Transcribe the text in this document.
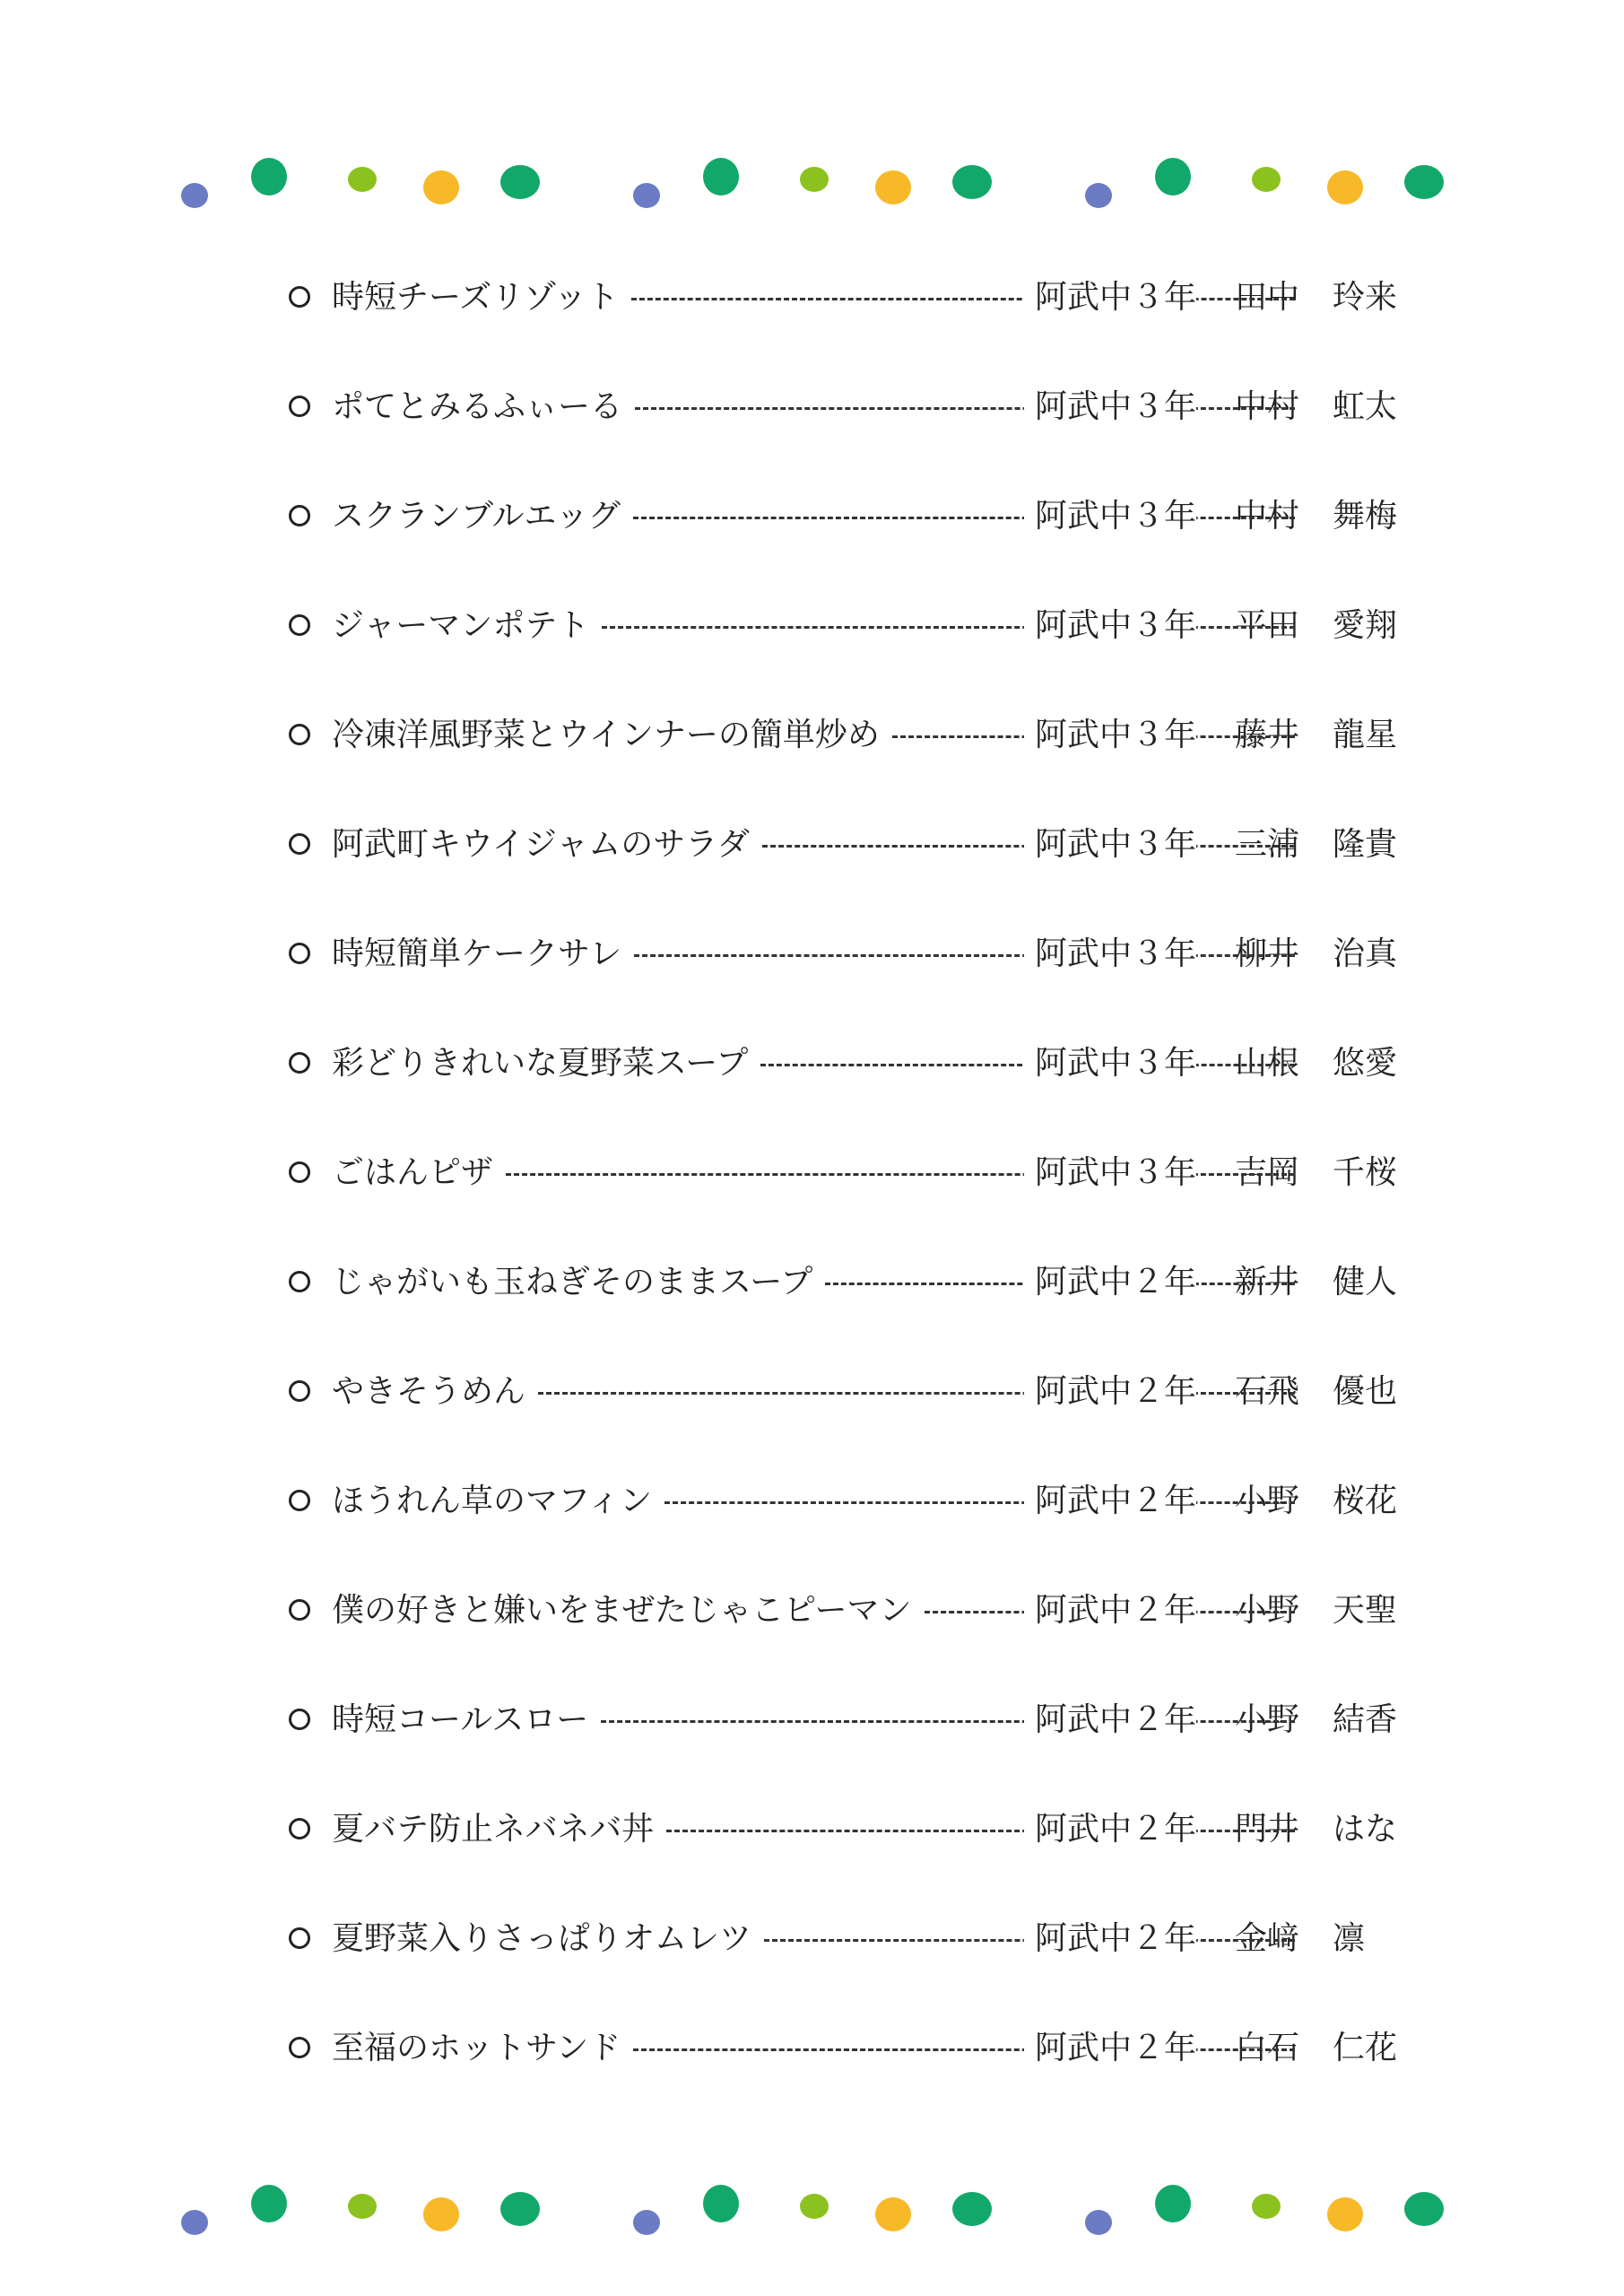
時短チーズリゾット	阿武中３年 田中 玲来
ポてとみるふぃーる	阿武中３年 中村 虹太
スクランブルエッグ	阿武中３年 中村 舞梅
ジャーマンポテト	阿武中３年 平田 愛翔
冷凍洋風野菜とウインナーの簡単炒め	阿武中３年 藤井 龍星
阿武町キウイジャムのサラダ	阿武中３年 三浦 隆貴
時短簡単ケークサレ	阿武中３年 柳井 治真
彩どりきれいな夏野菜スープ	阿武中３年 山根 悠愛
ごはんピザ	阿武中３年 吉岡 千桜
じゃがいも玉ねぎそのままスープ	阿武中２年 新井 健人
やきそうめん	阿武中２年 石飛 優也
ほうれん草のマフィン	阿武中２年 小野 桜花
僕の好きと嫌いをまぜたじゃこピーマン	阿武中２年 小野 天聖
時短コールスロー	阿武中２年 小野 結香
夏バテ防止ネバネバ丼	阿武中２年 門井 はな
夏野菜入りさっぱりオムレツ	阿武中２年 金﨑 凛
至福のホットサンド	阿武中２年 白石 仁花
